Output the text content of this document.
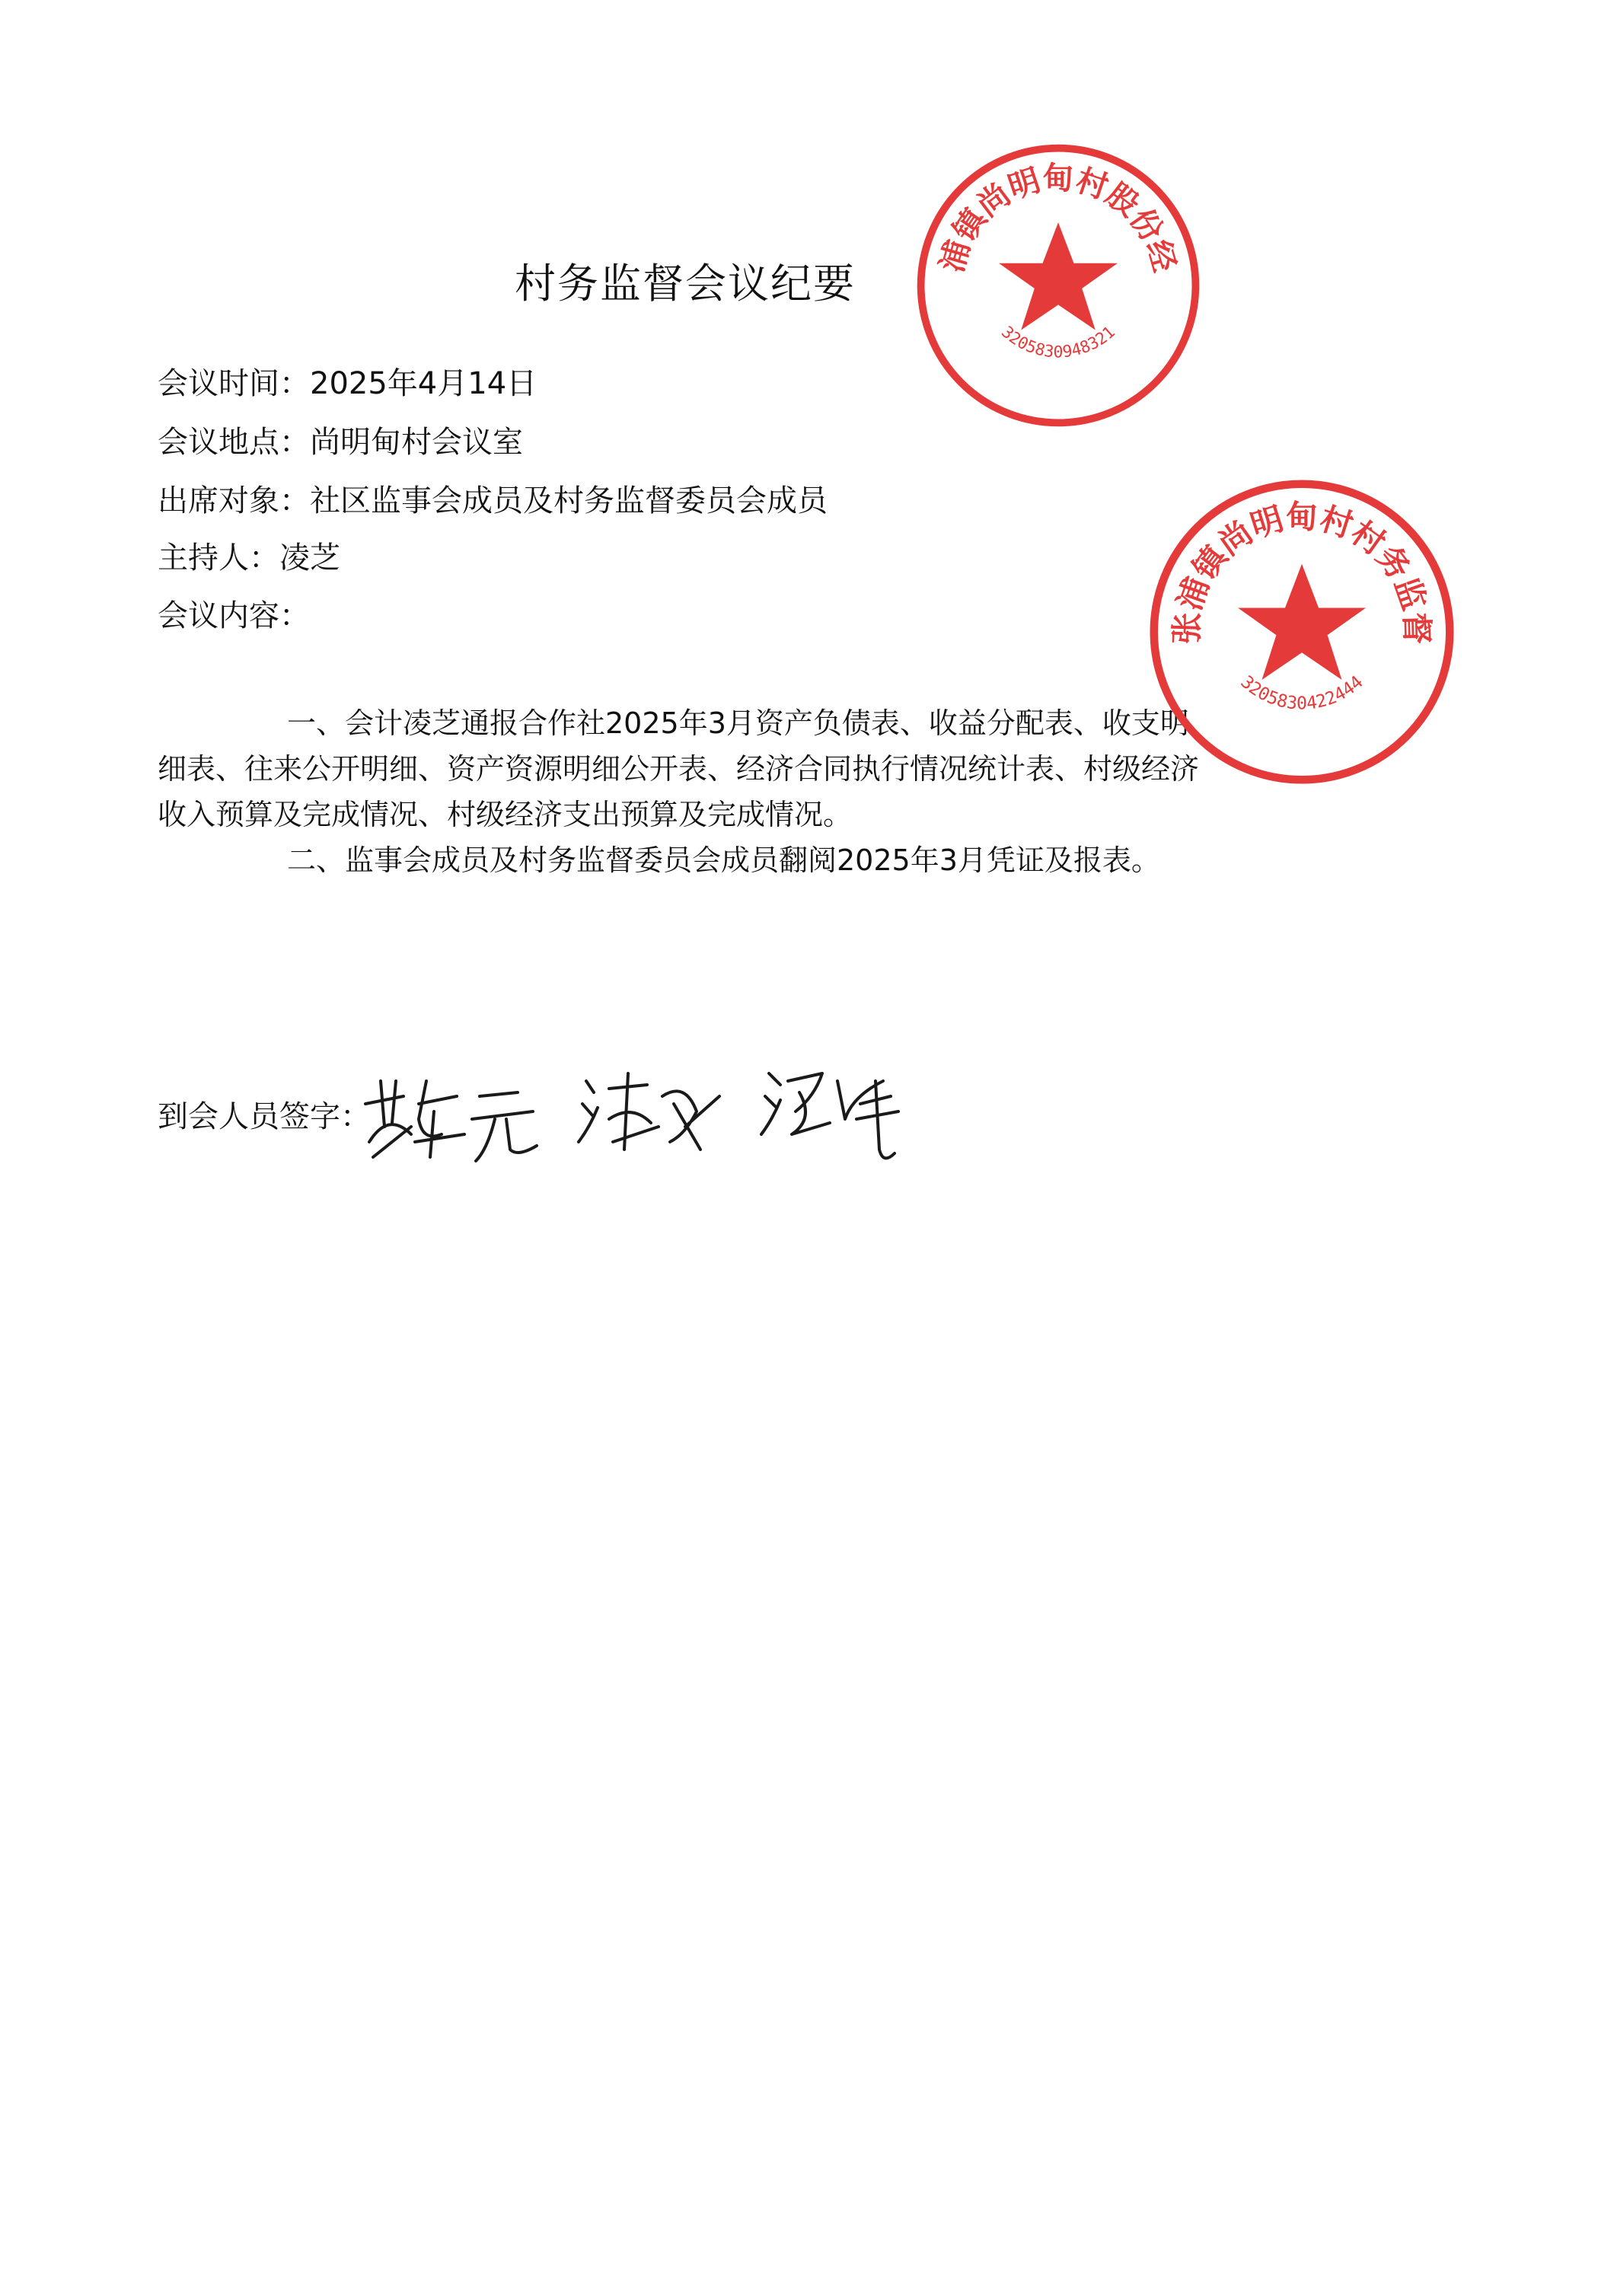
村务监督会议纪要
会议时间：2025年4月14日
会议地点：尚明甸村会议室
出席对象：社区监事会成员及村务监督委员会成员
主持人：凌芝
会议内容：

一、会计凌芝通报合作社2025年3月资产负债表、收益分配表、收支明细表、往来公开明细、资产资源明细公开表、经济合同执行情况统计表、村级经济收入预算及完成情况、村级经济支出预算及完成情况。

二、监事会成员及村务监督委员会成员翻阅2025年3月凭证及报表。

到会人员签字：
浦镇尚明甸村股份经
3205830948321
张浦镇尚明甸村村务监督
3205830422444
